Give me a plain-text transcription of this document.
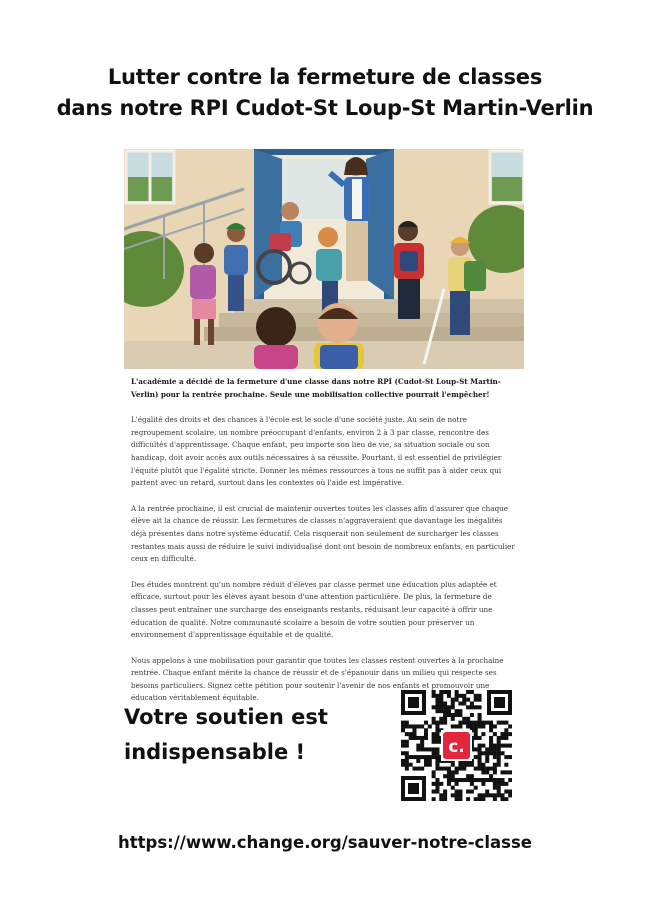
Lutter contre la fermeture de classes
dans notre RPI Cudot-St Loup-St Martin-Verlin

L'académie a décidé de la fermeture d'une classe dans notre RPI (Cudot-St Loup-St Martin-Verlin) pour la rentrée prochaine. Seule une mobilisation collective pourrait l'empêcher!

L'égalité des droits et des chances à l'école est le socle d'une société juste. Au sein de notre regroupement scolaire, un nombre préoccupant d'enfants, environ 2 à 3 par classe, rencontre des difficultés d'apprentissage. Chaque enfant, peu importe son lieu de vie, sa situation sociale ou son handicap, doit avoir accès aux outils nécessaires à sa réussite. Pourtant, il est essentiel de privilégier l'équité plutôt que l'égalité stricte. Donner les mêmes ressources à tous ne suffit pas à aider ceux qui partent avec un retard, surtout dans les contextes où l'aide est impérative.

A la rentrée prochaine, il est crucial de maintenir ouvertes toutes les classes afin d'assurer que chaque élève ait la chance de réussir. Les fermetures de classes n'aggraveraient que davantage les inégalités déjà présentes dans notre système éducatif. Cela risquerait non seulement de surcharger les classes restantes mais aussi de réduire le suivi individualisé dont ont besoin de nombreux enfants, en particulier ceux en difficulté.

Des études montrent qu'un nombre réduit d'élèves par classe permet une éducation plus adaptée et efficace, surtout pour les élèves ayant besoin d'une attention particulière. De plus, la fermeture de classes peut entraîner une surcharge des enseignants restants, réduisant leur capacité à offrir une éducation de qualité. Notre communauté scolaire a besoin de votre soutien pour préserver un environnement d'apprentissage équitable et de qualité.

Nous appelons à une mobilisation pour garantir que toutes les classes restent ouvertes à la prochaine rentrée. Chaque enfant mérite la chance de réussir et de s'épanouir dans un milieu qui respecte ses besoins particuliers. Signez cette pétition pour soutenir l'avenir de nos enfants et promouvoir une éducation véritablement équitable.

Votre soutien est
indispensable !	c.
https://www.change.org/sauver-notre-classe
